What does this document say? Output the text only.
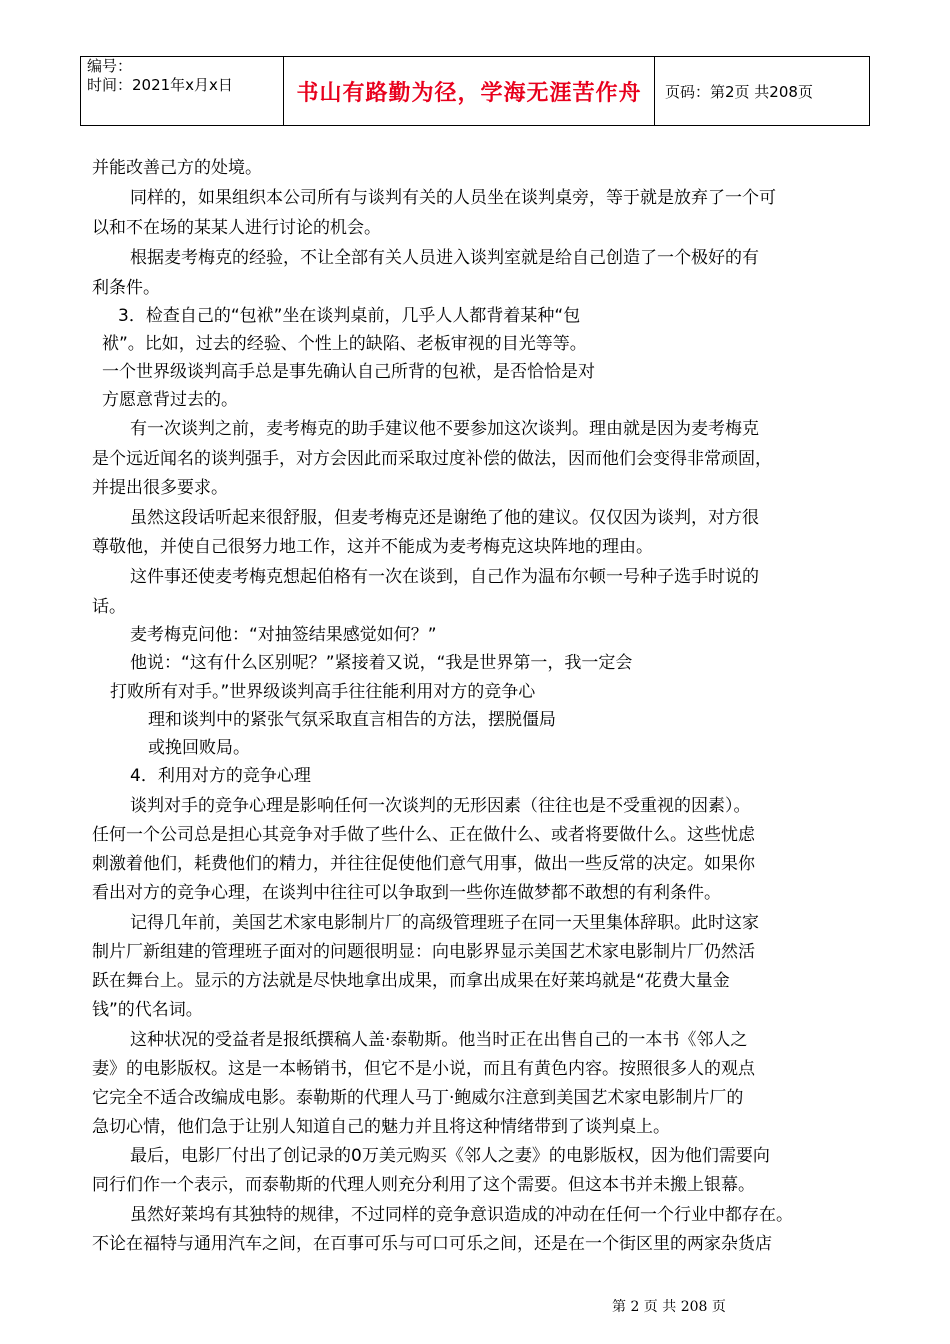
编号：
时间：2021年x月x日	书山有路勤为径，学海无涯苦作舟	页码：第2页 共208页
并能改善己方的处境。
同样的，如果组织本公司所有与谈判有关的人员坐在谈判桌旁，等于就是放弃了一个可
以和不在场的某某人进行讨论的机会。
根据麦考梅克的经验，不让全部有关人员进入谈判室就是给自己创造了一个极好的有
利条件。
3．检查自己的“包袱”坐在谈判桌前，几乎人人都背着某种“包
袱”。比如，过去的经验、个性上的缺陷、老板审视的目光等等。
一个世界级谈判高手总是事先确认自己所背的包袱，是否恰恰是对
方愿意背过去的。
有一次谈判之前，麦考梅克的助手建议他不要参加这次谈判。理由就是因为麦考梅克
是个远近闻名的谈判强手，对方会因此而采取过度补偿的做法，因而他们会变得非常顽固，
并提出很多要求。
虽然这段话听起来很舒服，但麦考梅克还是谢绝了他的建议。仅仅因为谈判，对方很
尊敬他，并使自己很努力地工作，这并不能成为麦考梅克这块阵地的理由。
这件事还使麦考梅克想起伯格有一次在谈到，自己作为温布尔顿一号种子选手时说的
话。
麦考梅克问他：“对抽签结果感觉如何？”
他说：“这有什么区别呢？”紧接着又说，“我是世界第一，我一定会
打败所有对手。”世界级谈判高手往往能利用对方的竞争心
理和谈判中的紧张气氛采取直言相告的方法，摆脱僵局
或挽回败局。
4．利用对方的竞争心理
谈判对手的竞争心理是影响任何一次谈判的无形因素（往往也是不受重视的因素）。
任何一个公司总是担心其竞争对手做了些什么、正在做什么、或者将要做什么。这些忧虑
刺激着他们，耗费他们的精力，并往往促使他们意气用事，做出一些反常的决定。如果你
看出对方的竞争心理，在谈判中往往可以争取到一些你连做梦都不敢想的有利条件。
记得几年前，美国艺术家电影制片厂的高级管理班子在同一天里集体辞职。此时这家
制片厂新组建的管理班子面对的问题很明显：向电影界显示美国艺术家电影制片厂仍然活
跃在舞台上。显示的方法就是尽快地拿出成果，而拿出成果在好莱坞就是“花费大量金
钱”的代名词。
这种状况的受益者是报纸撰稿人盖·泰勒斯。他当时正在出售自己的一本书《邻人之
妻》的电影版权。这是一本畅销书，但它不是小说，而且有黄色内容。按照很多人的观点
它完全不适合改编成电影。泰勒斯的代理人马丁·鲍威尔注意到美国艺术家电影制片厂的
急切心情，他们急于让别人知道自己的魅力并且将这种情绪带到了谈判桌上。
最后，电影厂付出了创记录的0万美元购买《邻人之妻》的电影版权，因为他们需要向
同行们作一个表示，而泰勒斯的代理人则充分利用了这个需要。但这本书并未搬上银幕。
虽然好莱坞有其独特的规律，不过同样的竞争意识造成的冲动在任何一个行业中都存在。
不论在福特与通用汽车之间，在百事可乐与可口可乐之间，还是在一个街区里的两家杂货店
第 2 页 共 208 页
